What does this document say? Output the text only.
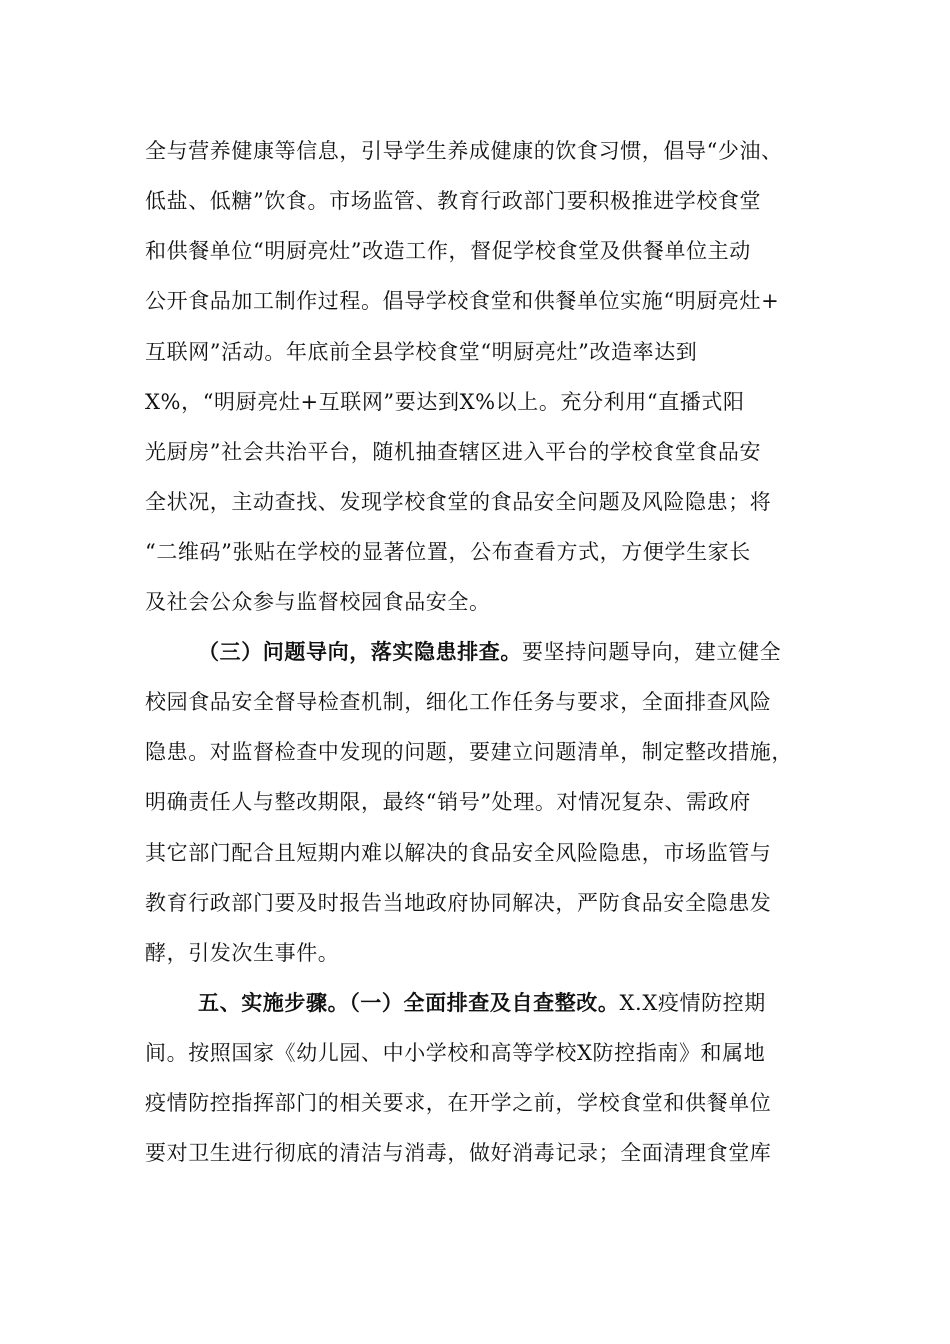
全与营养健康等信息，引导学生养成健康的饮食习惯，倡导“少油、
低盐、低糖”饮食。市场监管、教育行政部门要积极推进学校食堂
和供餐单位“明厨亮灶”改造工作，督促学校食堂及供餐单位主动
公开食品加工制作过程。倡导学校食堂和供餐单位实施“明厨亮灶+
互联网”活动。年底前全县学校食堂“明厨亮灶”改造率达到
X%，“明厨亮灶+互联网”要达到X%以上。充分利用“直播式阳
光厨房”社会共治平台，随机抽查辖区进入平台的学校食堂食品安
全状况，主动查找、发现学校食堂的食品安全问题及风险隐患；将
“二维码”张贴在学校的显著位置，公布查看方式，方便学生家长
及社会公众参与监督校园食品安全。
（三）问题导向，落实隐患排查。要坚持问题导向，建立健全
校园食品安全督导检查机制，细化工作任务与要求，全面排查风险
隐患。对监督检查中发现的问题，要建立问题清单，制定整改措施，
明确责任人与整改期限，最终“销号”处理。对情况复杂、需政府
其它部门配合且短期内难以解决的食品安全风险隐患，市场监管与
教育行政部门要及时报告当地政府协同解决，严防食品安全隐患发
酵，引发次生事件。
五、实施步骤。（一）全面排查及自查整改。X.X疫情防控期
间。按照国家《幼儿园、中小学校和高等学校X防控指南》和属地
疫情防控指挥部门的相关要求，在开学之前，学校食堂和供餐单位
要对卫生进行彻底的清洁与消毒，做好消毒记录；全面清理食堂库
